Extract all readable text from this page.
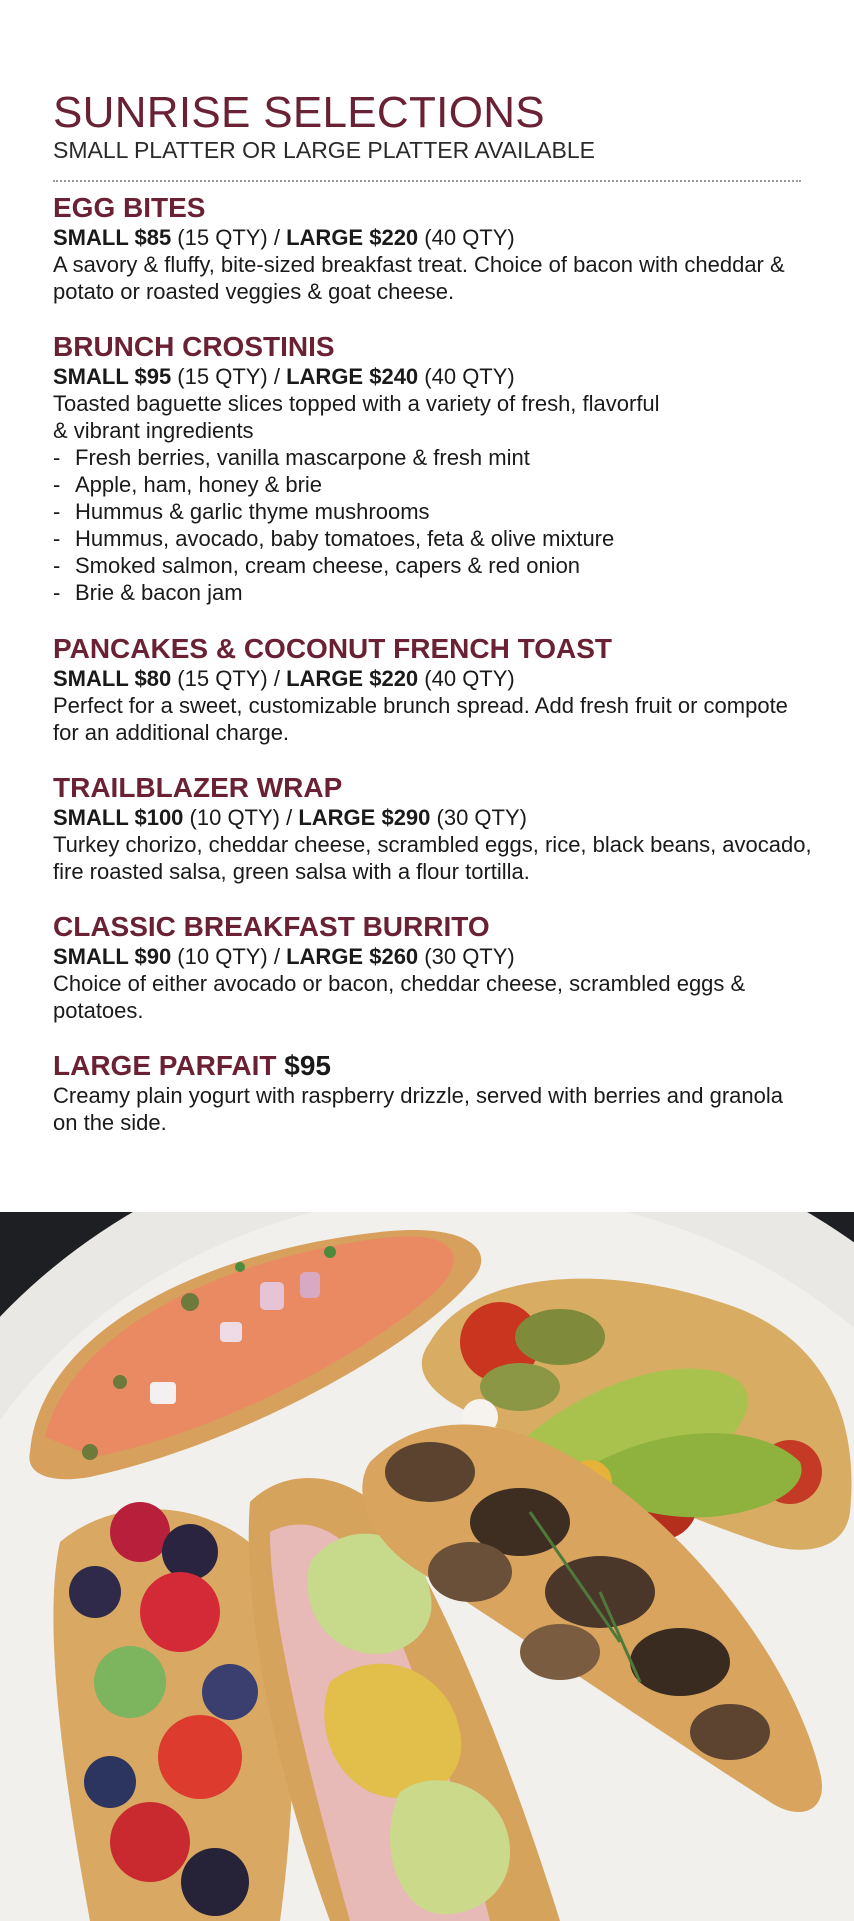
SUNRISE SELECTIONS

SMALL PLATTER OR LARGE PLATTER AVAILABLE

EGG BITES

SMALL $85 (15 QTY) / LARGE $220 (40 QTY)

A savory & fluffy, bite-sized breakfast treat. Choice of bacon with cheddar & potato or roasted veggies & goat cheese.

BRUNCH CROSTINIS

SMALL $95 (15 QTY) / LARGE $240 (40 QTY)

Toasted baguette slices topped with a variety of fresh, flavorful
& vibrant ingredients

- Fresh berries, vanilla mascarpone & fresh mint
- Apple, ham, honey & brie
- Hummus & garlic thyme mushrooms
- Hummus, avocado, baby tomatoes, feta & olive mixture
- Smoked salmon, cream cheese, capers & red onion
- Brie & bacon jam
PANCAKES & COCONUT FRENCH TOAST

SMALL $80 (15 QTY) / LARGE $220 (40 QTY)

Perfect for a sweet, customizable brunch spread. Add fresh fruit or compote for an additional charge.

TRAILBLAZER WRAP

SMALL $100 (10 QTY) / LARGE $290 (30 QTY)

Turkey chorizo, cheddar cheese, scrambled eggs, rice, black beans, avocado, fire roasted salsa, green salsa with a flour tortilla.

CLASSIC BREAKFAST BURRITO

SMALL $90 (10 QTY) / LARGE $260 (30 QTY)

Choice of either avocado or bacon, cheddar cheese, scrambled eggs & potatoes.

LARGE PARFAIT $95

Creamy plain yogurt with raspberry drizzle, served with berries and granola on the side.
